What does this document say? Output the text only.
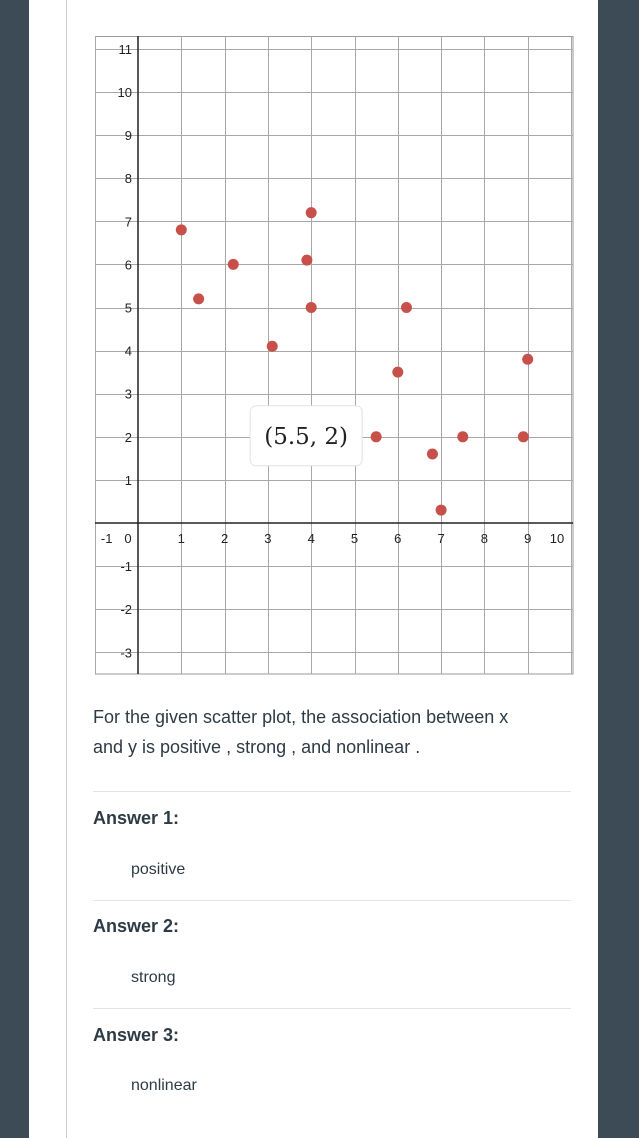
-1 0	1	2	3	4	5	6	7	8	9 10
11
10
9
8
7
6
5
4
3
2
1
-1
-2
-3
(5.5, 2)
For the given scatter plot, the association between x
and y is positive , strong , and nonlinear .
Answer 1:
positive
Answer 2:
strong
Answer 3:
nonlinear
